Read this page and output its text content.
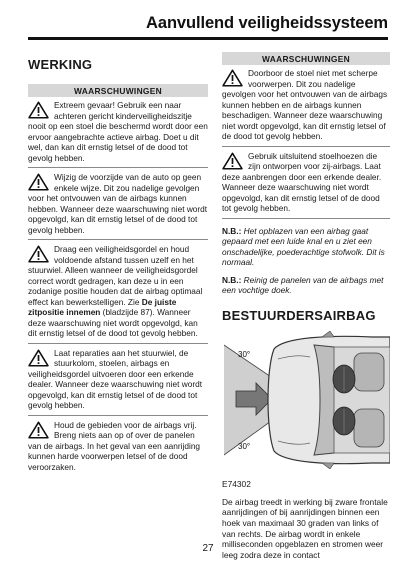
Aanvullend veiligheidssysteem
WERKING
WAARSCHUWINGEN
Extreem gevaar! Gebruik een naar achteren gericht kinderveiligheidszitje nooit op een stoel die beschermd wordt door een ervoor aangebrachte actieve airbag. Doet u dit wel, dan kan dit ernstig letsel of de dood tot gevolg hebben.
Wijzig de voorzijde van de auto op geen enkele wijze. Dit zou nadelige gevolgen voor het ontvouwen van de airbags kunnen hebben. Wanneer deze waarschuwing niet wordt opgevolgd, kan dit ernstig letsel of de dood tot gevolg hebben.
Draag een veiligheidsgordel en houd voldoende afstand tussen uzelf en het stuurwiel. Alleen wanneer de veiligheidsgordel correct wordt gedragen, kan deze u in een zodanige positie houden dat de airbag optimaal effect kan bewerkstelligen. Zie De juiste zitpositie innemen (bladzijde 87). Wanneer deze waarschuwing niet wordt opgevolgd, kan dit ernstig letsel of de dood tot gevolg hebben.
Laat reparaties aan het stuurwiel, de stuurkolom, stoelen, airbags en veiligheidsgordel uitvoeren door een erkende dealer. Wanneer deze waarschuwing niet wordt opgevolgd, kan dit ernstig letsel of de dood tot gevolg hebben.
Houd de gebieden voor de airbags vrij. Breng niets aan op of over de panelen van de airbags. In het geval van een aanrijding kunnen harde voorwerpen letsel of de dood veroorzaken.
WAARSCHUWINGEN
Doorboor de stoel niet met scherpe voorwerpen. Dit zou nadelige gevolgen voor het ontvouwen van de airbags kunnen hebben en de airbags kunnen beschadigen. Wanneer deze waarschuwing niet wordt opgevolgd, kan dit ernstig letsel of de dood tot gevolg hebben.
Gebruik uitsluitend stoelhoezen die zijn ontworpen voor zij-airbags. Laat deze aanbrengen door een erkende dealer. Wanneer deze waarschuwing niet wordt opgevolgd, kan dit ernstig letsel of de dood tot gevolg hebben.
N.B.: Het opblazen van een airbag gaat gepaard met een luide knal en u ziet een onschadelijke, poederachtige stofwolk. Dit is normaal.
N.B.: Reinig de panelen van de airbags met een vochtige doek.
BESTUURDERSAIRBAG
30°
30°
E74302
De airbag treedt in werking bij zware frontale aanrijdingen of bij aanrijdingen binnen een hoek van maximaal 30 graden van links of van rechts. De airbag wordt in enkele milliseconden opgeblazen en stromen weer leeg zodra deze in contact
27
